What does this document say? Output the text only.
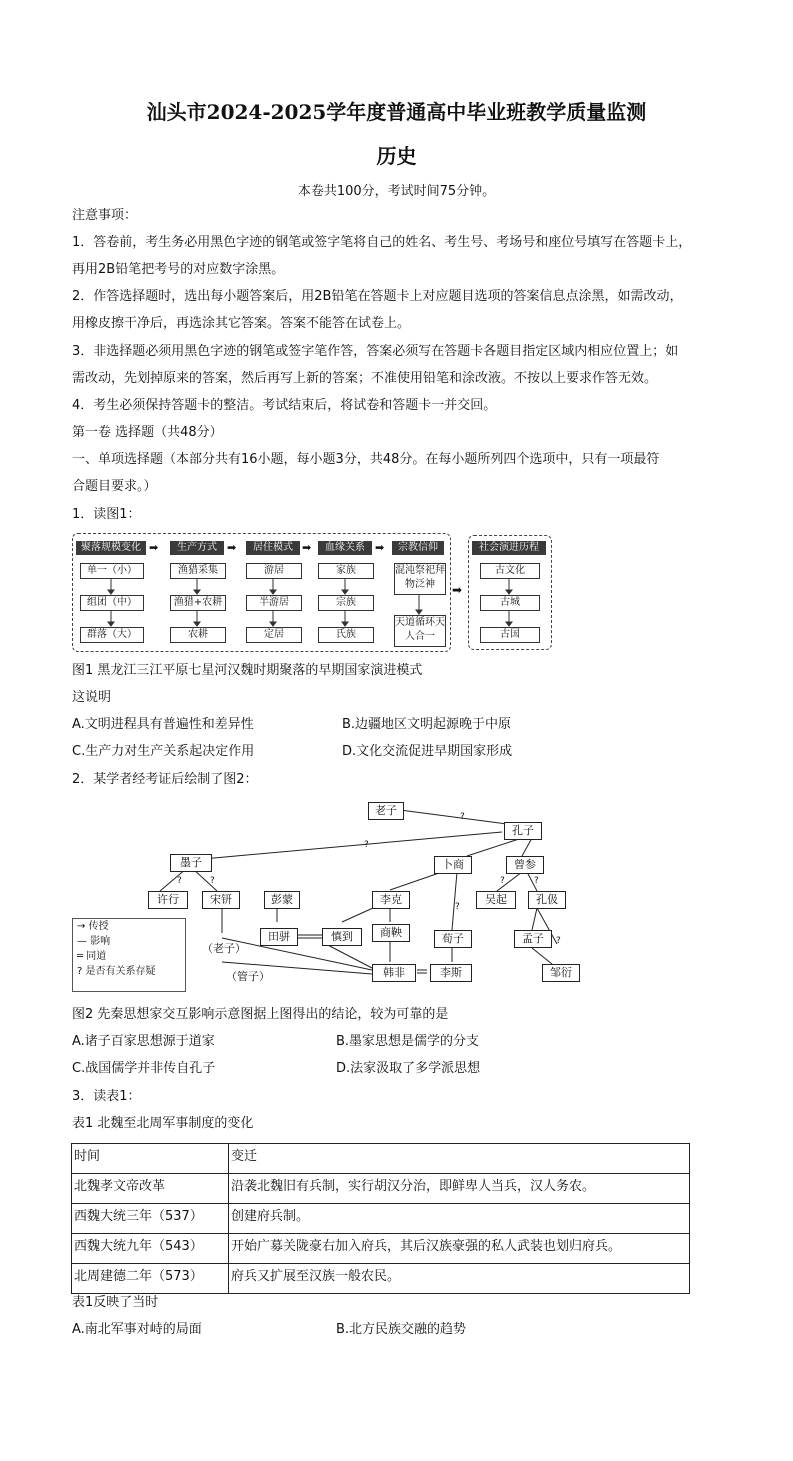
汕头市2024-2025学年度普通高中毕业班教学质量监测
历史
本卷共100分，考试时间75分钟。
注意事项：
1．答卷前，考生务必用黑色字迹的钢笔或签字笔将自己的姓名、考生号、考场号和座位号填写在答题卡上，
再用2B铅笔把考号的对应数字涂黑。
2．作答选择题时，选出每小题答案后，用2B铅笔在答题卡上对应题目选项的答案信息点涂黑，如需改动，
用橡皮擦干净后，再选涂其它答案。答案不能答在试卷上。
3．非选择题必须用黑色字迹的钢笔或签字笔作答，答案必须写在答题卡各题目指定区域内相应位置上；如
需改动，先划掉原来的答案，然后再写上新的答案；不准使用铅笔和涂改液。不按以上要求作答无效。
4．考生必须保持答题卡的整洁。考试结束后，将试卷和答题卡一并交回。
第一卷 选择题（共48分）
一、单项选择题（本部分共有16小题，每小题3分，共48分。在每小题所列四个选项中，只有一项最符
合题目要求。）
1．读图1：
聚落规模变化	生产方式	居住模式	血缘关系	宗教信仰	社会演进历程
➡	➡	➡	➡
➡
单一（小）
组团（中）
群落（大）
渔猎采集
渔猎+农耕
农耕
游居
半游居
定居
家族
宗族
氏族
混沌祭祀拜物泛神
天道循环天人合一
古文化
古城
古国
图1 黑龙江三江平原七星河汉魏时期聚落的早期国家演进模式
这说明
A.文明进程具有普遍性和差异性	B.边疆地区文明起源晚于中原
C.生产力对生产关系起决定作用	D.文化交流促进早期国家形成
2．某学者经考证后绘制了图2：
老子
孔子
墨子	卜商	曾参
许行	宋钘	彭蒙	李克	吴起	孔伋
田骈	慎到	商鞅	荀子	孟子
韩非	李斯	邹衍
（老子）
（管子）
?
?
?	?
?
?	?
?
→ 传授
— 影响
═ 同道
? 是否有关系存疑
图2 先秦思想家交互影响示意图据上图得出的结论，较为可靠的是
A.诸子百家思想源于道家	B.墨家思想是儒学的分支
C.战国儒学并非传自孔子	D.法家汲取了多学派思想
3．读表1：
表1 北魏至北周军事制度的变化
时间	变迁
北魏孝文帝改革	沿袭北魏旧有兵制，实行胡汉分治，即鲜卑人当兵，汉人务农。
西魏大统三年（537）	创建府兵制。
西魏大统九年（543）	开始广募关陇豪右加入府兵，其后汉族豪强的私人武装也划归府兵。
北周建德二年（573）	府兵又扩展至汉族一般农民。
表1反映了当时
A.南北军事对峙的局面	B.北方民族交融的趋势
